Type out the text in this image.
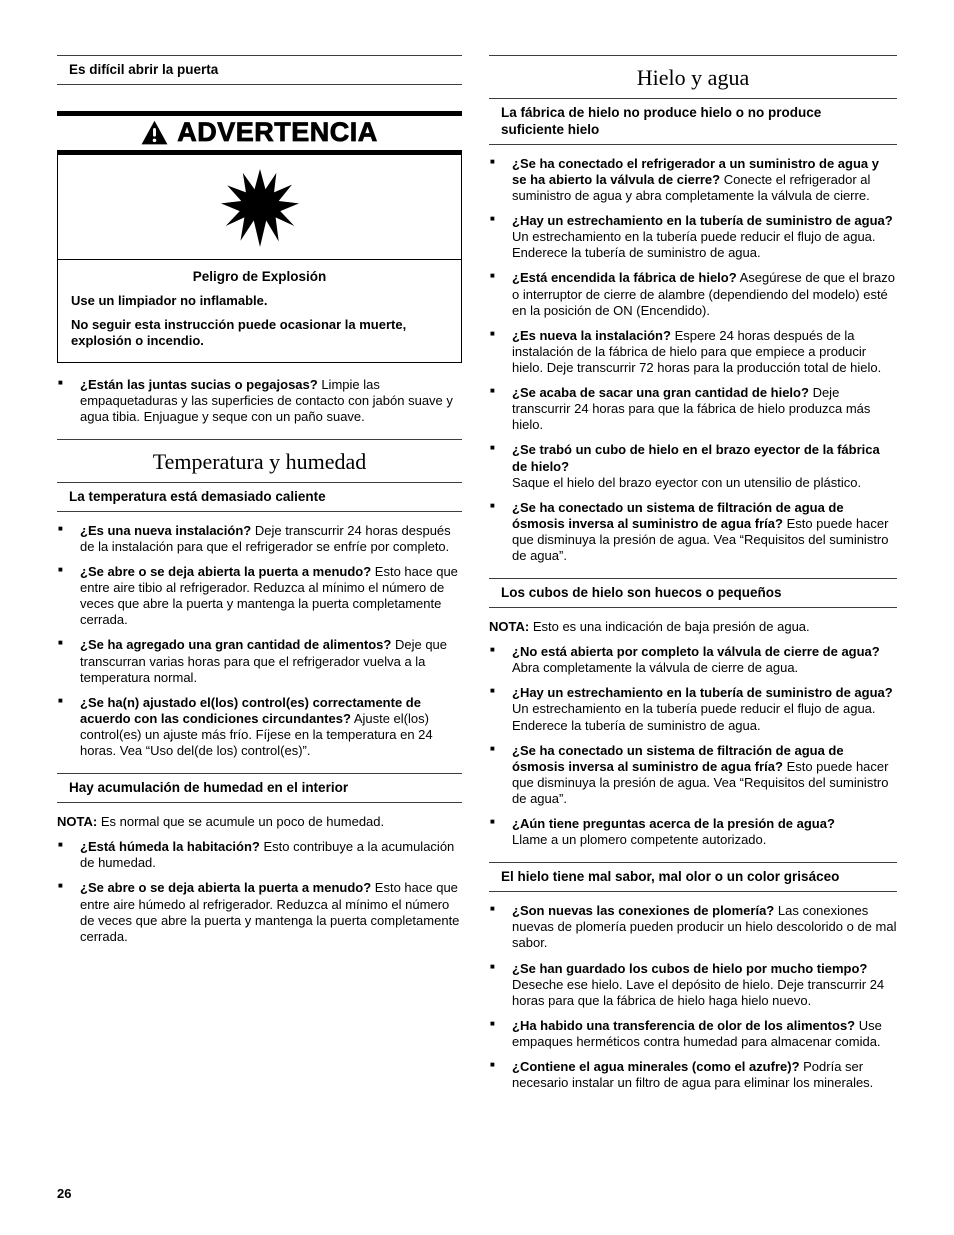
Es difícil abrir la puerta
ADVERTENCIA
Peligro de Explosión
Use un limpiador no inflamable.
No seguir esta instrucción puede ocasionar la muerte, explosión o incendio.
■ ¿Están las juntas sucias o pegajosas? Limpie las empaquetaduras y las superficies de contacto con jabón suave y agua tibia. Enjuague y seque con un paño suave.
Temperatura y humedad
La temperatura está demasiado caliente
■ ¿Es una nueva instalación? Deje transcurrir 24 horas después de la instalación para que el refrigerador se enfríe por completo.
■ ¿Se abre o se deja abierta la puerta a menudo? Esto hace que entre aire tibio al refrigerador. Reduzca al mínimo el número de veces que abre la puerta y mantenga la puerta completamente cerrada.
■ ¿Se ha agregado una gran cantidad de alimentos? Deje que transcurran varias horas para que el refrigerador vuelva a la temperatura normal.
■ ¿Se ha(n) ajustado el(los) control(es) correctamente de acuerdo con las condiciones circundantes? Ajuste el(los) control(es) un ajuste más frío. Fíjese en la temperatura en 24 horas. Vea “Uso del(de los) control(es)”.
Hay acumulación de humedad en el interior

NOTA: Es normal que se acumule un poco de humedad.

■ ¿Está húmeda la habitación? Esto contribuye a la acumulación de humedad.
■ ¿Se abre o se deja abierta la puerta a menudo? Esto hace que entre aire húmedo al refrigerador. Reduzca al mínimo el número de veces que abre la puerta y mantenga la puerta completamente cerrada.
Hielo y agua
La fábrica de hielo no produce hielo o no produce suficiente hielo
■ ¿Se ha conectado el refrigerador a un suministro de agua y se ha abierto la válvula de cierre? Conecte el refrigerador al suministro de agua y abra completamente la válvula de cierre.
■ ¿Hay un estrechamiento en la tubería de suministro de agua? Un estrechamiento en la tubería puede reducir el flujo de agua. Enderece la tubería de suministro de agua.
■ ¿Está encendida la fábrica de hielo? Asegúrese de que el brazo o interruptor de cierre de alambre (dependiendo del modelo) esté en la posición de ON (Encendido).
■ ¿Es nueva la instalación? Espere 24 horas después de la instalación de la fábrica de hielo para que empiece a producir hielo. Deje transcurrir 72 horas para la producción total de hielo.
■ ¿Se acaba de sacar una gran cantidad de hielo? Deje transcurrir 24 horas para que la fábrica de hielo produzca más hielo.
■ ¿Se trabó un cubo de hielo en el brazo eyector de la fábrica de hielo?
Saque el hielo del brazo eyector con un utensilio de plástico.
■ ¿Se ha conectado un sistema de filtración de agua de ósmosis inversa al suministro de agua fría? Esto puede hacer que disminuya la presión de agua. Vea “Requisitos del suministro de agua”.
Los cubos de hielo son huecos o pequeños

NOTA: Esto es una indicación de baja presión de agua.

■ ¿No está abierta por completo la válvula de cierre de agua? Abra completamente la válvula de cierre de agua.
■ ¿Hay un estrechamiento en la tubería de suministro de agua? Un estrechamiento en la tubería puede reducir el flujo de agua. Enderece la tubería de suministro de agua.
■ ¿Se ha conectado un sistema de filtración de agua de ósmosis inversa al suministro de agua fría? Esto puede hacer que disminuya la presión de agua. Vea “Requisitos del suministro de agua”.
■ ¿Aún tiene preguntas acerca de la presión de agua?
Llame a un plomero competente autorizado.
El hielo tiene mal sabor, mal olor o un color grisáceo
■ ¿Son nuevas las conexiones de plomería? Las conexiones nuevas de plomería pueden producir un hielo descolorido o de mal sabor.
■ ¿Se han guardado los cubos de hielo por mucho tiempo? Deseche ese hielo. Lave el depósito de hielo. Deje transcurrir 24 horas para que la fábrica de hielo haga hielo nuevo.
■ ¿Ha habido una transferencia de olor de los alimentos? Use empaques herméticos contra humedad para almacenar comida.
■ ¿Contiene el agua minerales (como el azufre)? Podría ser necesario instalar un filtro de agua para eliminar los minerales.
26
